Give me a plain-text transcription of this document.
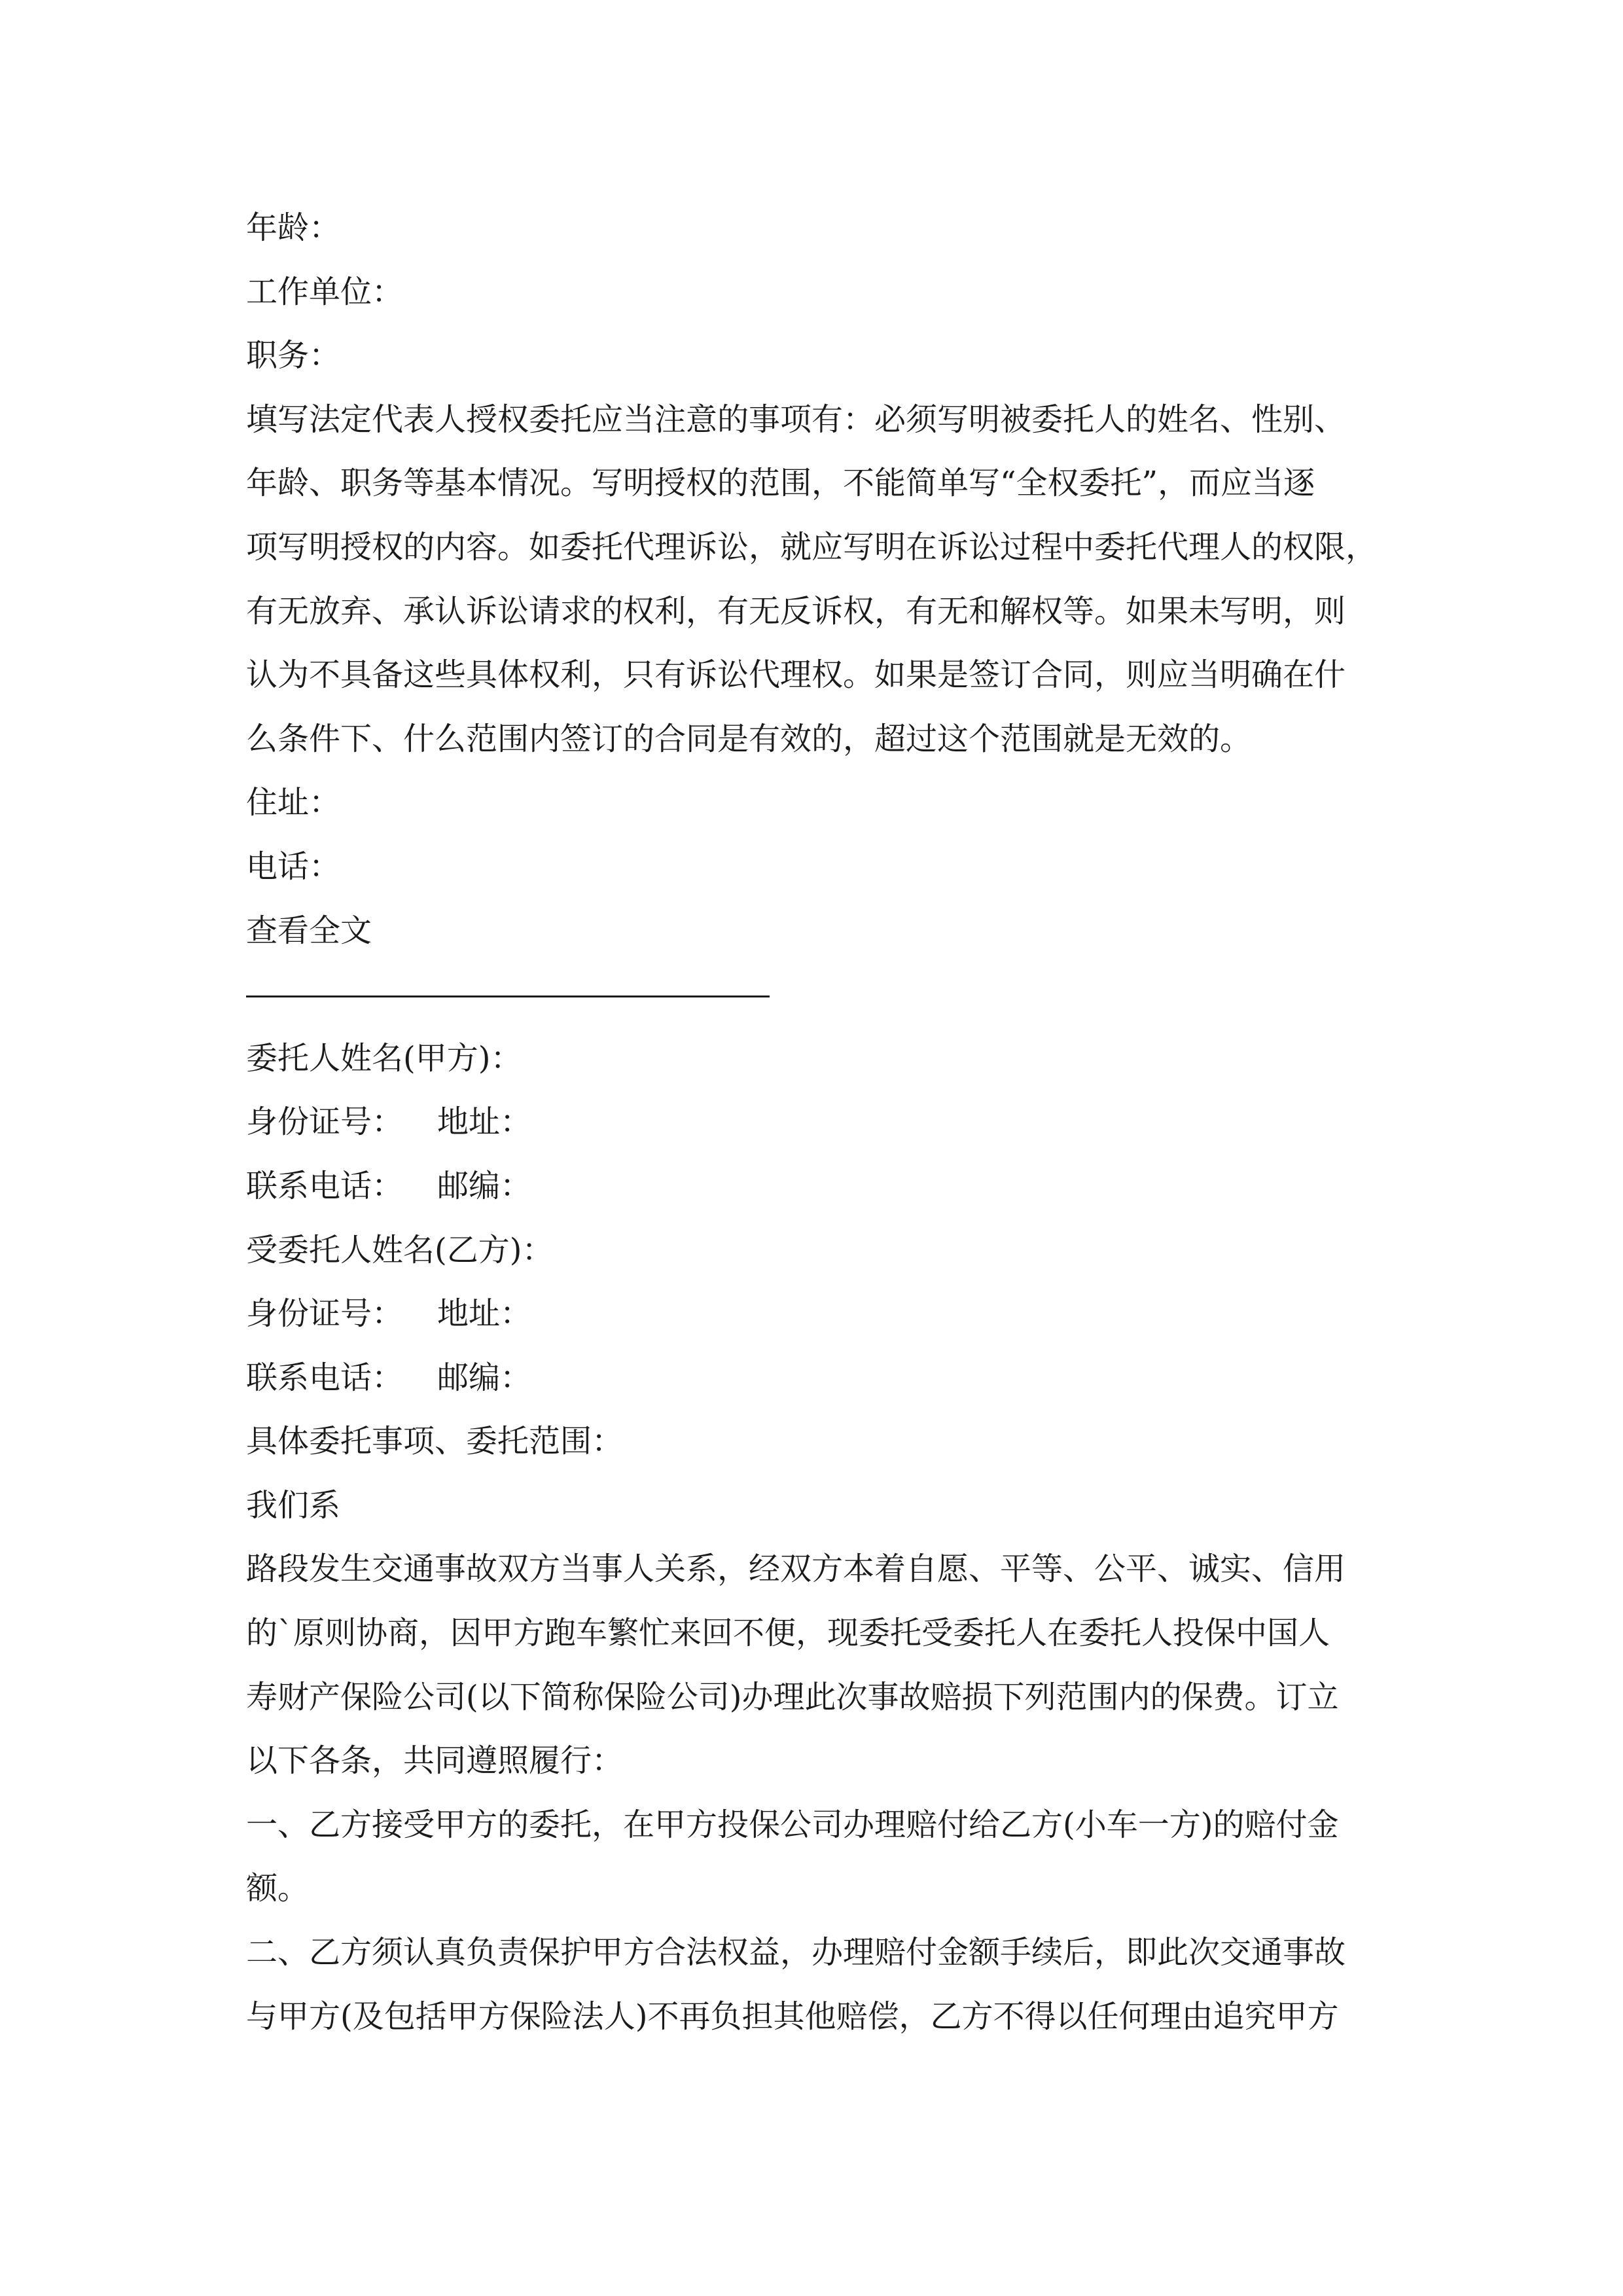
年龄：
工作单位：
职务：
填写法定代表人授权委托应当注意的事项有：必须写明被委托人的姓名、性别、
年龄、职务等基本情况。写明授权的范围，不能简单写“全权委托”，而应当逐
项写明授权的内容。如委托代理诉讼，就应写明在诉讼过程中委托代理人的权限，
有无放弃、承认诉讼请求的权利，有无反诉权，有无和解权等。如果未写明，则
认为不具备这些具体权利，只有诉讼代理权。如果是签订合同，则应当明确在什
么条件下、什么范围内签订的合同是有效的，超过这个范围就是无效的。
住址：
电话：
查看全文
委托人姓名(甲方)：
身份证号： 地址：
联系电话： 邮编：
受委托人姓名(乙方)：
身份证号： 地址：
联系电话： 邮编：
具体委托事项、委托范围：
我们系
路段发生交通事故双方当事人关系，经双方本着自愿、平等、公平、诚实、信用
的`原则协商，因甲方跑车繁忙来回不便，现委托受委托人在委托人投保中国人
寿财产保险公司(以下简称保险公司)办理此次事故赔损下列范围内的保费。订立
以下各条，共同遵照履行：
一、乙方接受甲方的委托，在甲方投保公司办理赔付给乙方(小车一方)的赔付金
额。
二、乙方须认真负责保护甲方合法权益，办理赔付金额手续后，即此次交通事故
与甲方(及包括甲方保险法人)不再负担其他赔偿，乙方不得以任何理由追究甲方
